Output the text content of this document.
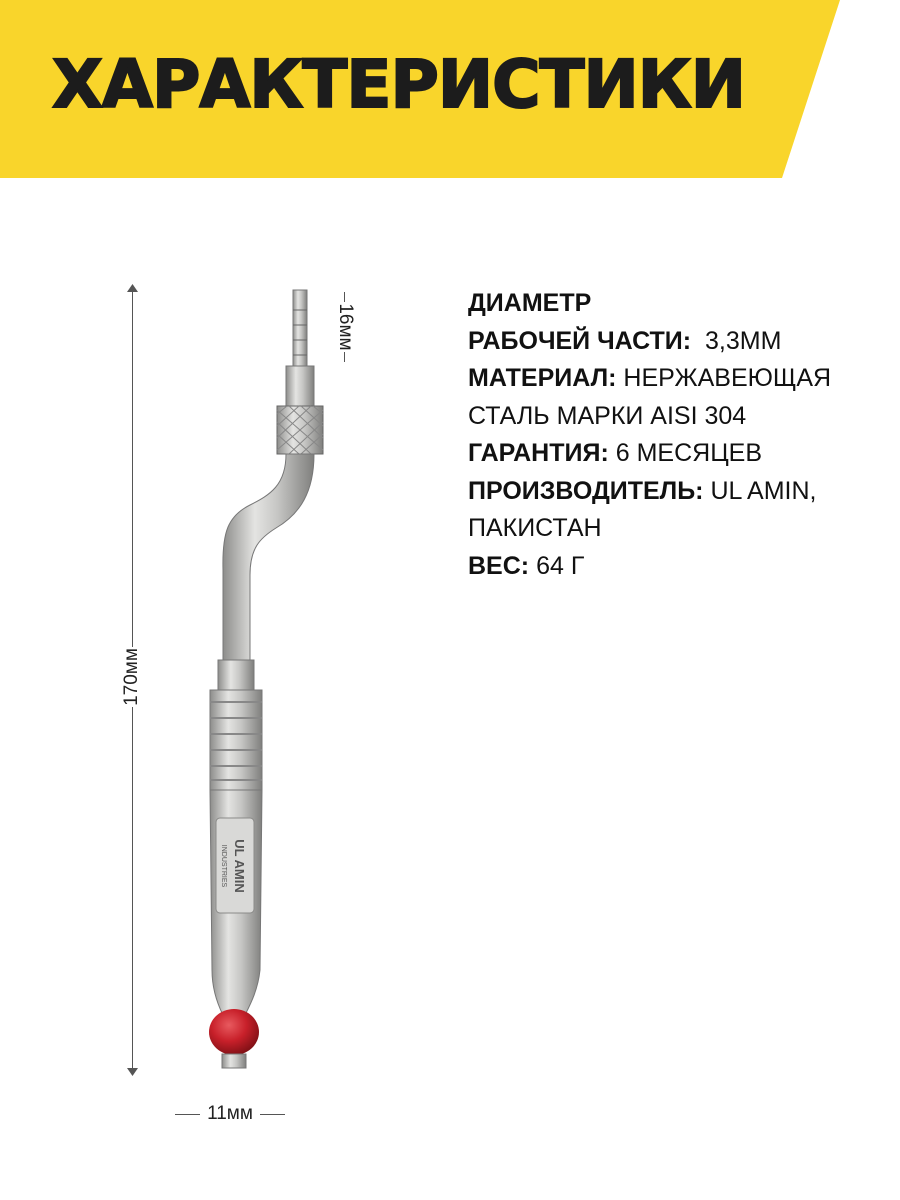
ХАРАКТЕРИСТИКИ
170мм
16мм
11мм
UL AMIN
INDUSTRIES
ДИАМЕТР
РАБОЧЕЙ ЧАСТИ: 3,3ММ
МАТЕРИАЛ: НЕРЖАВЕЮЩАЯ
СТАЛЬ МАРКИ AISI 304
ГАРАНТИЯ: 6 МЕСЯЦЕВ
ПРОИЗВОДИТЕЛЬ: UL AMIN,
ПАКИСТАН
ВЕС: 64 Г
